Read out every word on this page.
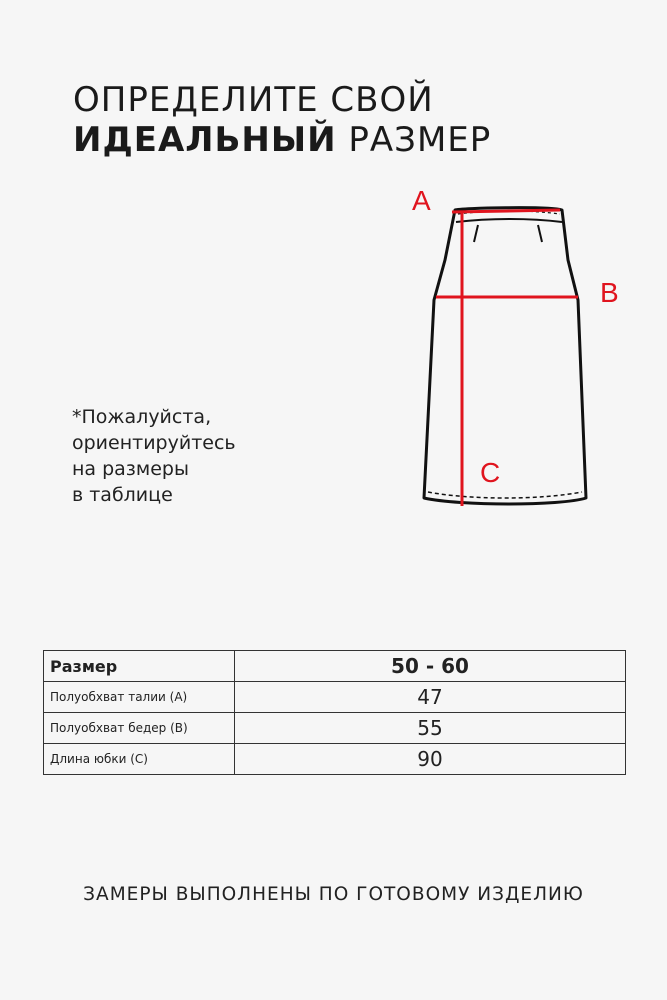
ОПРЕДЕЛИТЕ СВОЙ
ИДЕАЛЬНЫЙ РАЗМЕР
*Пожалуйста,
ориентируйтесь
на размеры
в таблице
A
B
C
Размер	50 - 60
Полуобхват талии (А)	47
Полуобхват бедер (В)	55
Длина юбки (С)	90
ЗАМЕРЫ ВЫПОЛНЕНЫ ПО ГОТОВОМУ ИЗДЕЛИЮ
